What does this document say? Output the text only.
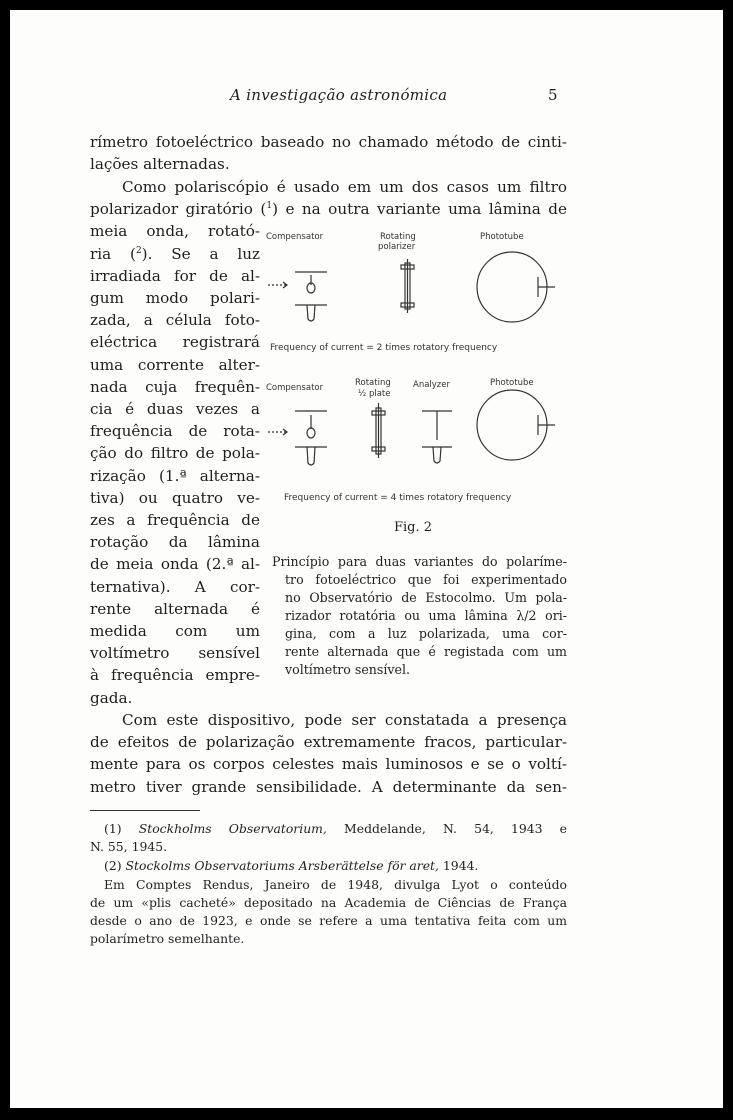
A investigação astronómica	5
rímetro fotoeléctrico baseado no chamado método de cinti-
lações alternadas.
Como polariscópio é usado em um dos casos um filtro
polarizador giratório ($^1$) e na outra variante uma lâmina de
meia onda, rotató-
ria ($^2$). Se a luz
irradiada for de al-
gum modo polari-
zada, a célula foto-
eléctrica registrará
uma corrente alter-
nada cuja frequên-
cia é duas vezes a
frequência de rota-
ção do filtro de pola-
rização (1.ª alterna-
tiva) ou quatro ve-
zes a frequência de
rotação da lâmina
de meia onda (2.ª al-
ternativa). A cor-
rente alternada é
medida com um
voltímetro sensível
à frequência empre-
gada.
Com este dispositivo, pode ser constatada a presença
de efeitos de polarização extremamente fracos, particular-
mente para os corpos celestes mais luminosos e se o voltí-
metro tiver grande sensibilidade. A determinante da sen-
Compensator	Rotating
polarizer
Phototube
Frequency of current = 2 times rotatory frequency
Compensator	Rotating
½ plate
Analyzer	Phototube
Frequency of current = 4 times rotatory frequency
Fig. 2
Princípio para duas variantes do polaríme-
tro fotoeléctrico que foi experimentado
no Observatório de Estocolmo. Um pola-
rizador rotatória ou uma lâmina λ/2 ori-
gina, com a luz polarizada, uma cor-
rente alternada que é registada com um
voltímetro sensível.
(1) Stockholms Observatorium, Meddelande, N. 54, 1943 e
N. 55, 1945.
(2) Stockolms Observatoriums Arsberättelse för aret, 1944.
Em Comptes Rendus, Janeiro de 1948, divulga Lyot o conteúdo
de um «plis cacheté» depositado na Academia de Ciências de França
desde o ano de 1923, e onde se refere a uma tentativa feita com um
polarímetro semelhante.
